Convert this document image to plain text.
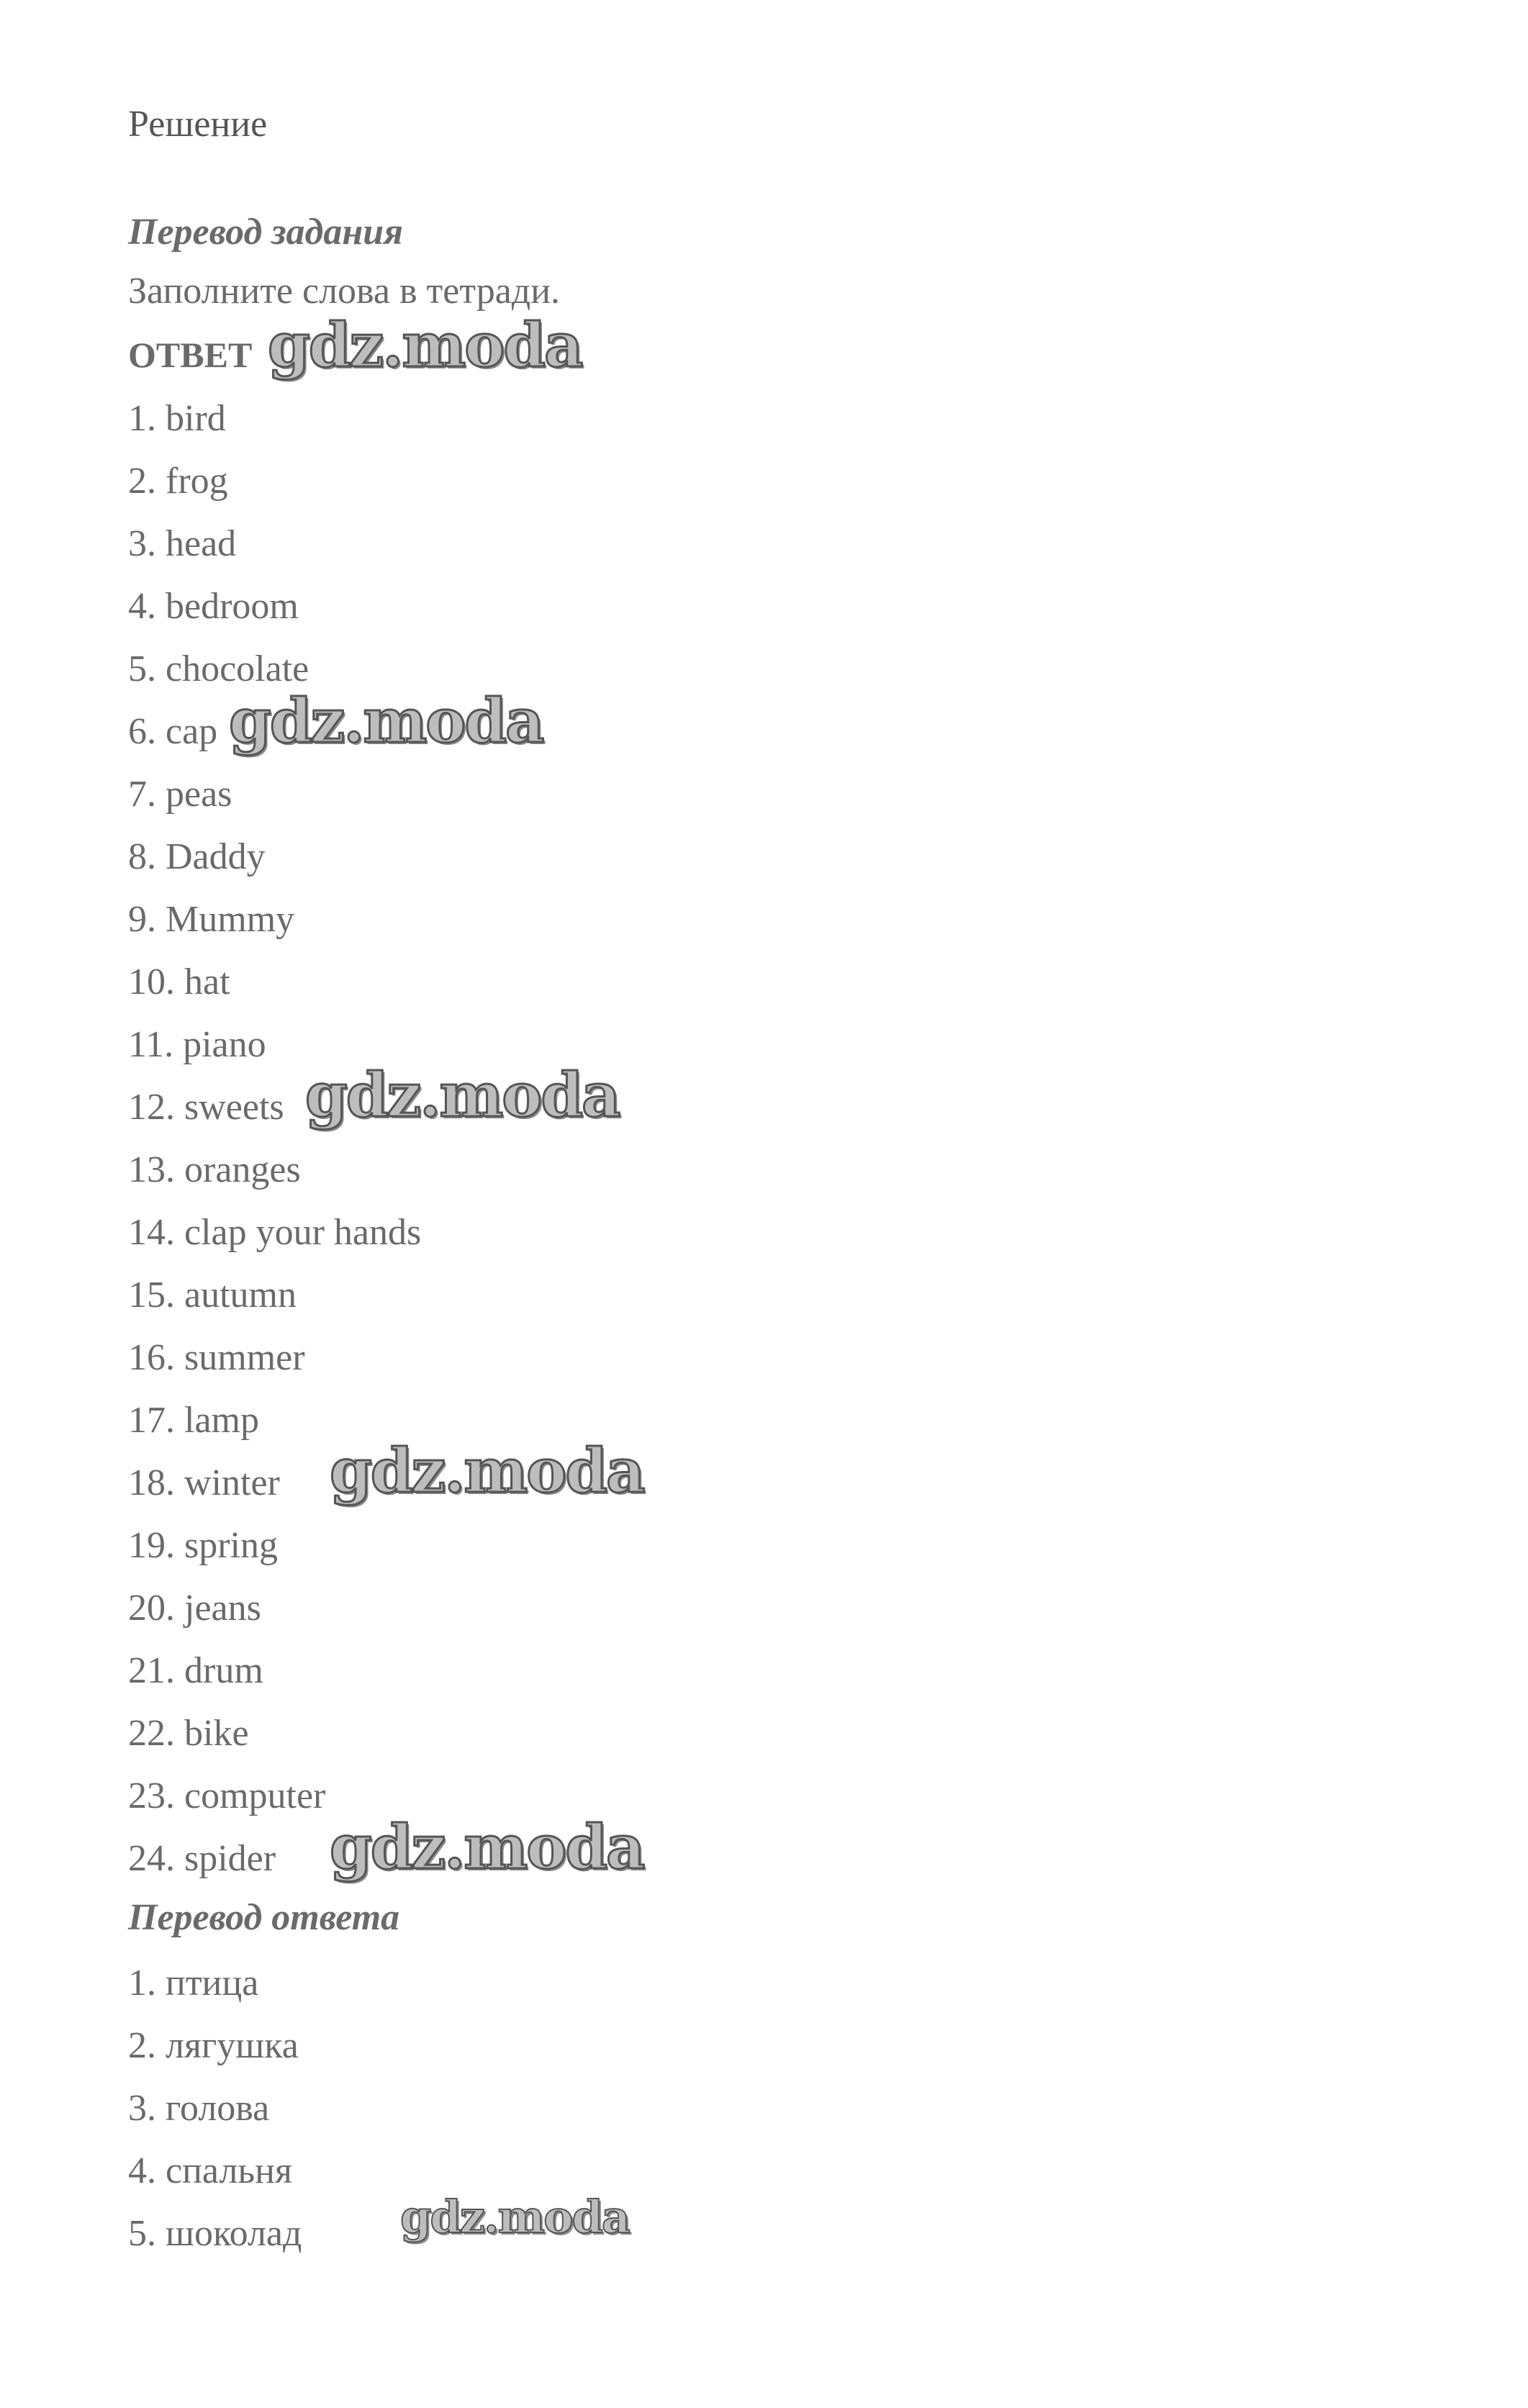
Решение
Перевод задания
Заполните слова в тетради.
ОТВЕТ
1. bird
2. frog
3. head
4. bedroom
5. chocolate
6. cap
7. peas
8. Daddy
9. Mummy
10. hat
11. piano
12. sweets
13. oranges
14. clap your hands
15. autumn
16. summer
17. lamp
18. winter
19. spring
20. jeans
21. drum
22. bike
23. computer
24. spider
Перевод ответа
1. птица
2. лягушка
3. голова
4. спальня
5. шоколад
gdz.moda
gdz.moda
gdz.moda
gdz.moda
gdz.moda
gdz.moda
